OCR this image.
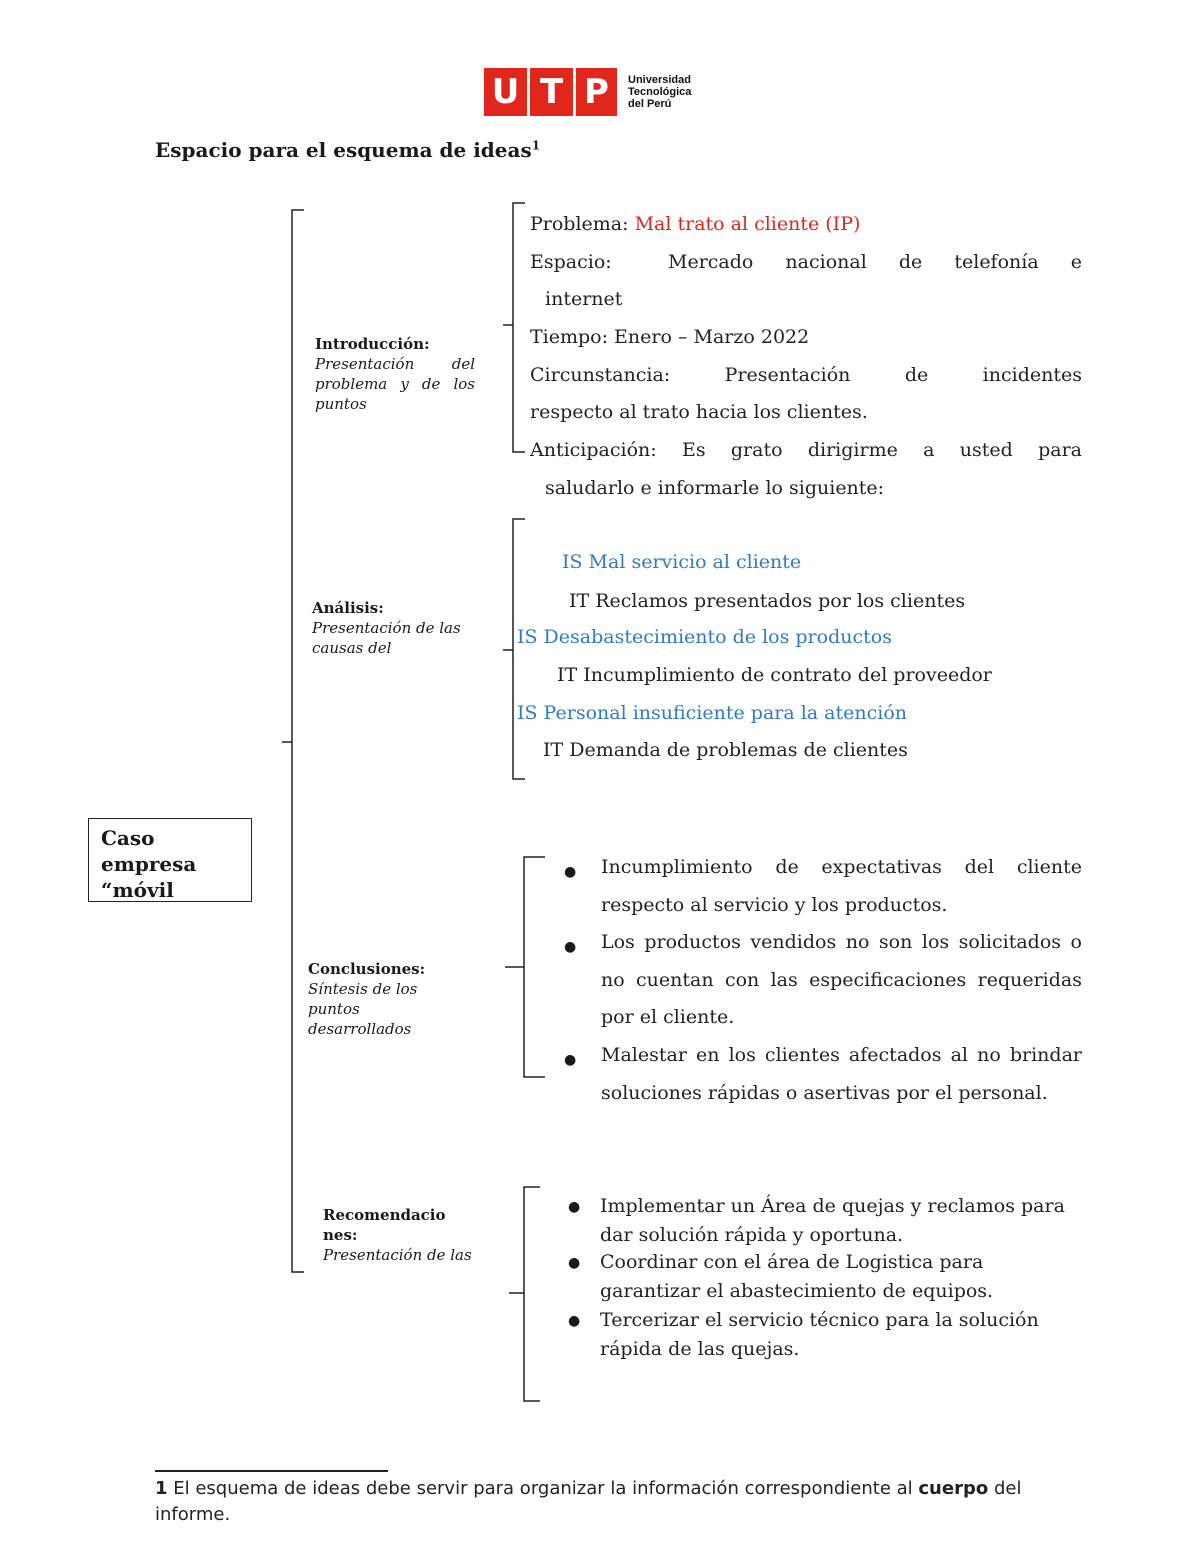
U T P	Universidad
Tecnológica
del Perú
Espacio para el esquema de ideas$^1$
Caso
empresa
“móvil
Introducción:
Presentación del problema y de los puntos
Análisis:
Presentación de las causas del
Conclusiones:
Síntesis de los puntos desarrollados
Recomendacio nes:
Presentación de las
Problema: Mal trato al cliente (IP)
Espacio:	Mercado nacional de telefonía e
internet
Tiempo: Enero – Marzo 2022
Circunstancia: Presentación de incidentes
respecto al trato hacia los clientes.
Anticipación: Es grato dirigirme a usted para
saludarlo e informarle lo siguiente:
IS Mal servicio al cliente
IT Reclamos presentados por los clientes
IS Desabastecimiento de los productos
IT Incumplimiento de contrato del proveedor
IS Personal insuficiente para la atención
IT Demanda de problemas de clientes
● Incumplimiento de expectativas del cliente respecto al servicio y los productos.
● Los productos vendidos no son los solicitados o no cuentan con las especificaciones requeridas por el cliente.
● Malestar en los clientes afectados al no brindar soluciones rápidas o asertivas por el personal.
● Implementar un Área de quejas y reclamos para dar solución rápida y oportuna.
● Coordinar con el área de Logistica para garantizar el abastecimiento de equipos.
● Tercerizar el servicio técnico para la solución rápida de las quejas.
1 El esquema de ideas debe servir para organizar la información correspondiente al cuerpo del informe.
